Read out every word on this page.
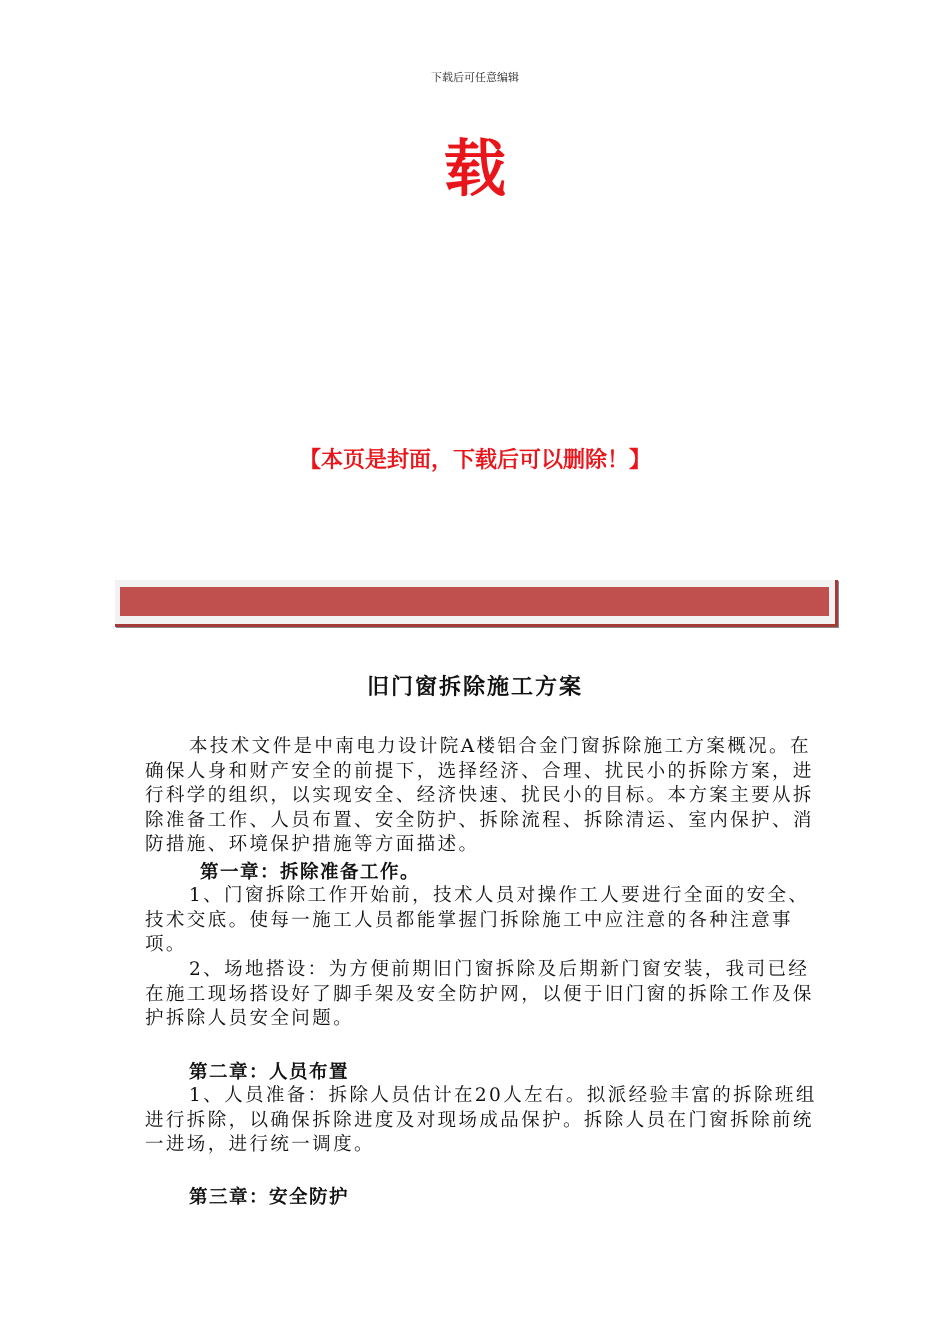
下载后可任意编辑
载
【本页是封面，下载后可以删除！】
旧门窗拆除施工方案

本技术文件是中南电力设计院A楼铝合金门窗拆除施工方案概况。在确保人身和财产安全的前提下，选择经济、合理、扰民小的拆除方案，进行科学的组织，以实现安全、经济快速、扰民小的目标。本方案主要从拆除准备工作、人员布置、安全防护、拆除流程、拆除清运、室内保护、消防措施、环境保护措施等方面描述。

第一章：拆除准备工作。

1、门窗拆除工作开始前，技术人员对操作工人要进行全面的安全、技术交底。使每一施工人员都能掌握门拆除施工中应注意的各种注意事项。

2、场地搭设：为方便前期旧门窗拆除及后期新门窗安装，我司已经在施工现场搭设好了脚手架及安全防护网，以便于旧门窗的拆除工作及保护拆除人员安全问题。

第二章：人员布置

1、人员准备：拆除人员估计在20人左右。拟派经验丰富的拆除班组进行拆除，以确保拆除进度及对现场成品保护。拆除人员在门窗拆除前统一进场，进行统一调度。

第三章：安全防护
